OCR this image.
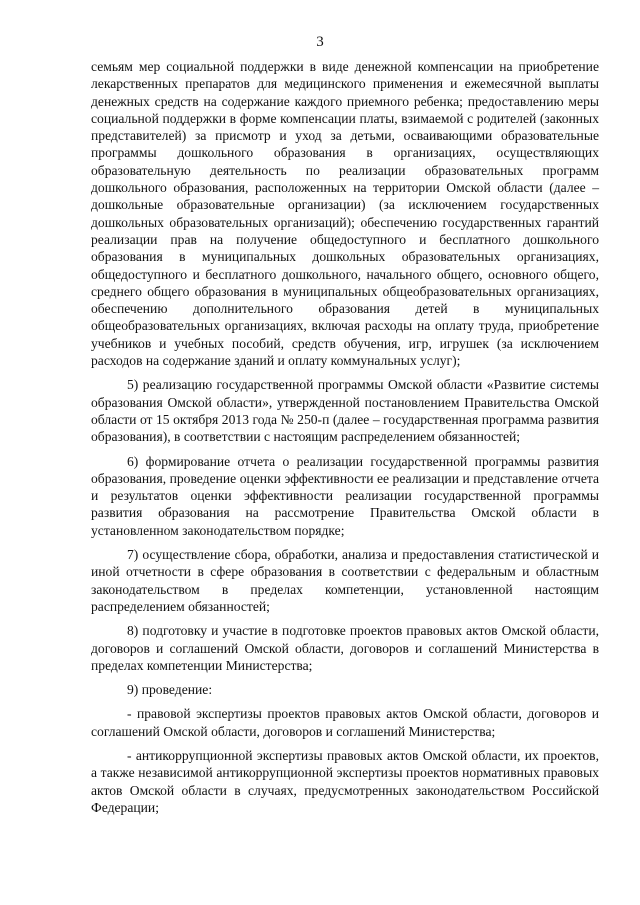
3

семьям мер социальной поддержки в виде денежной компенсации на приобретение лекарственных препаратов для медицинского применения и ежемесячной выплаты денежных средств на содержание каждого приемного ребенка; предоставлению меры социальной поддержки в форме компенсации платы, взимаемой с родителей (законных представителей) за присмотр и уход за детьми, осваивающими образовательные программы дошкольного образования в организациях, осуществляющих образовательную деятельность по реализации образовательных программ дошкольного образования, расположенных на территории Омской области (далее – дошкольные образовательные организации) (за исключением государственных дошкольных образовательных организаций); обеспечению государственных гарантий реализации прав на получение общедоступного и бесплатного дошкольного образования в муниципальных дошкольных образовательных организациях, общедоступного и бесплатного дошкольного, начального общего, основного общего, среднего общего образования в муниципальных общеобразовательных организациях, обеспечению дополнительного образования детей в муниципальных общеобразовательных организациях, включая расходы на оплату труда, приобретение учебников и учебных пособий, средств обучения, игр, игрушек (за исключением расходов на содержание зданий и оплату коммунальных услуг);

5) реализацию государственной программы Омской области «Развитие системы образования Омской области», утвержденной постановлением Правительства Омской области от 15 октября 2013 года № 250-п (далее – государственная программа развития образования), в соответствии с настоящим распределением обязанностей;

6) формирование отчета о реализации государственной программы развития образования, проведение оценки эффективности ее реализации и представление отчета и результатов оценки эффективности реализации государственной программы развития образования на рассмотрение Правительства Омской области в установленном законодательством порядке;

7) осуществление сбора, обработки, анализа и предоставления статистической и иной отчетности в сфере образования в соответствии с федеральным и областным законодательством в пределах компетенции, установленной настоящим распределением обязанностей;

8) подготовку и участие в подготовке проектов правовых актов Омской области, договоров и соглашений Омской области, договоров и соглашений Министерства в пределах компетенции Министерства;

9) проведение:

- правовой экспертизы проектов правовых актов Омской области, договоров и соглашений Омской области, договоров и соглашений Министерства;

- антикоррупционной экспертизы правовых актов Омской области, их проектов, а также независимой антикоррупционной экспертизы проектов нормативных правовых актов Омской области в случаях, предусмотренных законодательством Российской Федерации;
